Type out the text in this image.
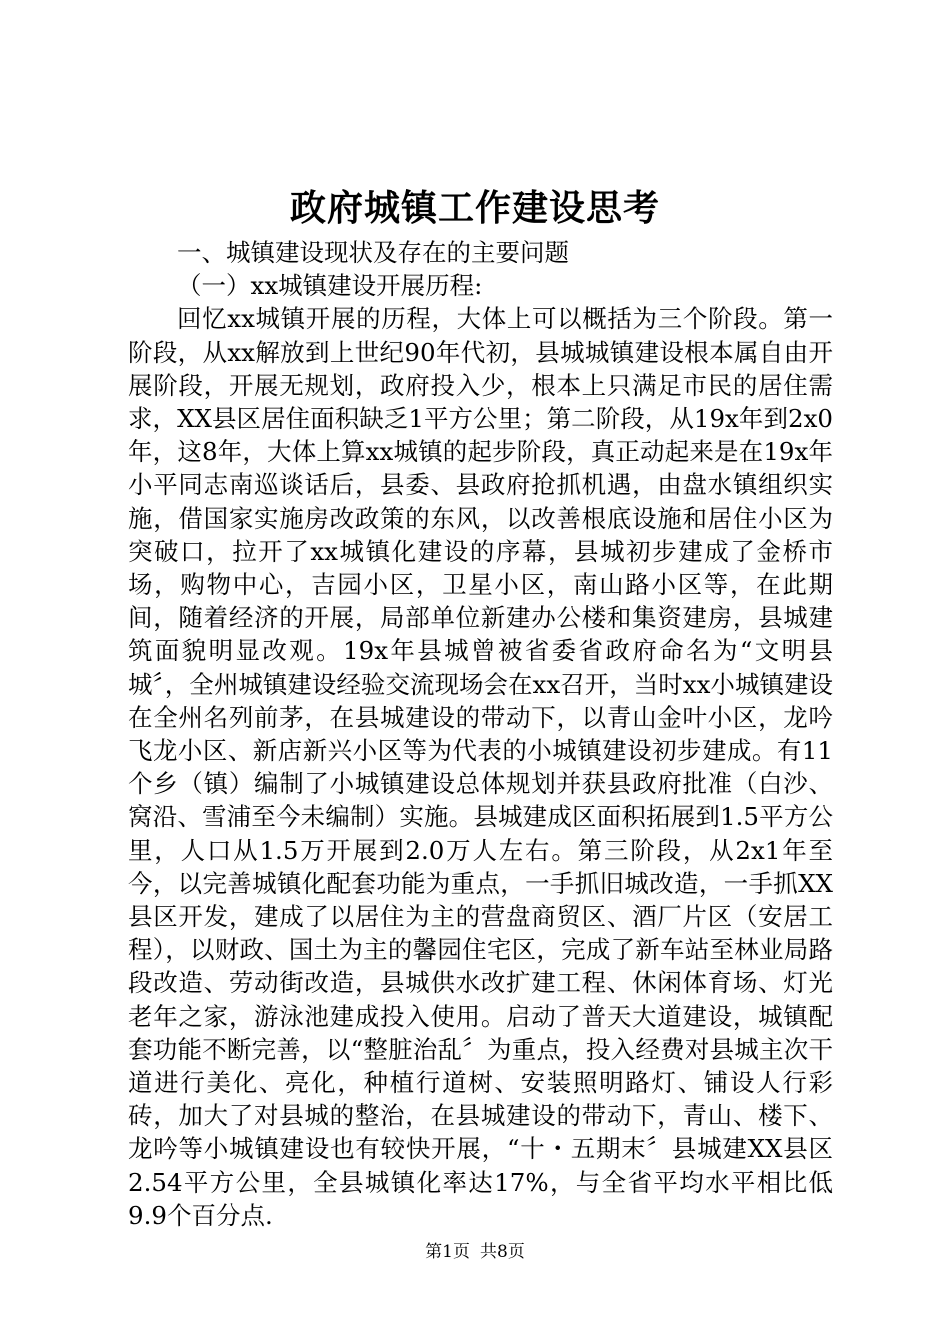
政府城镇工作建设思考

一、城镇建设现状及存在的主要问题

（一）xx城镇建设开展历程:

回忆xx城镇开展的历程，大体上可以概括为三个阶段。第一阶段，从xx解放到上世纪90年代初，县城城镇建设根本属自由开展阶段，开展无规划，政府投入少，根本上只满足市民的居住需求，XX县区居住面积缺乏1平方公里；第二阶段，从19x年到2x0年，这8年，大体上算xx城镇的起步阶段，真正动起来是在19x年小平同志南巡谈话后，县委、县政府抢抓机遇，由盘水镇组织实施，借国家实施房改政策的东风，以改善根底设施和居住小区为突破口，拉开了xx城镇化建设的序幕，县城初步建成了金桥市场，购物中心，吉园小区，卫星小区，南山路小区等，在此期间，随着经济的开展，局部单位新建办公楼和集资建房，县城建筑面貌明显改观。19x年县城曾被省委省政府命名为“文明县城〞，全州城镇建设经验交流现场会在xx召开，当时xx小城镇建设在全州名列前茅，在县城建设的带动下，以青山金叶小区，龙吟飞龙小区、新店新兴小区等为代表的小城镇建设初步建成。有11个乡（镇）编制了小城镇建设总体规划并获县政府批准（白沙、窝沿、雪浦至今未编制）实施。县城建成区面积拓展到1.5平方公里，人口从1.5万开展到2.0万人左右。第三阶段，从2x1年至今，以完善城镇化配套功能为重点，一手抓旧城改造，一手抓XX县区开发，建成了以居住为主的营盘商贸区、酒厂片区（安居工程），以财政、国土为主的馨园住宅区，完成了新车站至林业局路段改造、劳动街改造，县城供水改扩建工程、休闲体育场、灯光老年之家，游泳池建成投入使用。启动了普天大道建设，城镇配套功能不断完善，以“整脏治乱〞为重点，投入经费对县城主次干道进行美化、亮化，种植行道树、安装照明路灯、铺设人行彩砖，加大了对县城的整治，在县城建设的带动下，青山、楼下、龙吟等小城镇建设也有较快开展，“十・五期末〞县城建XX县区2.54平方公里，全县城镇化率达17%，与全省平均水平相比低9.9个百分点.

第1页 共8页
